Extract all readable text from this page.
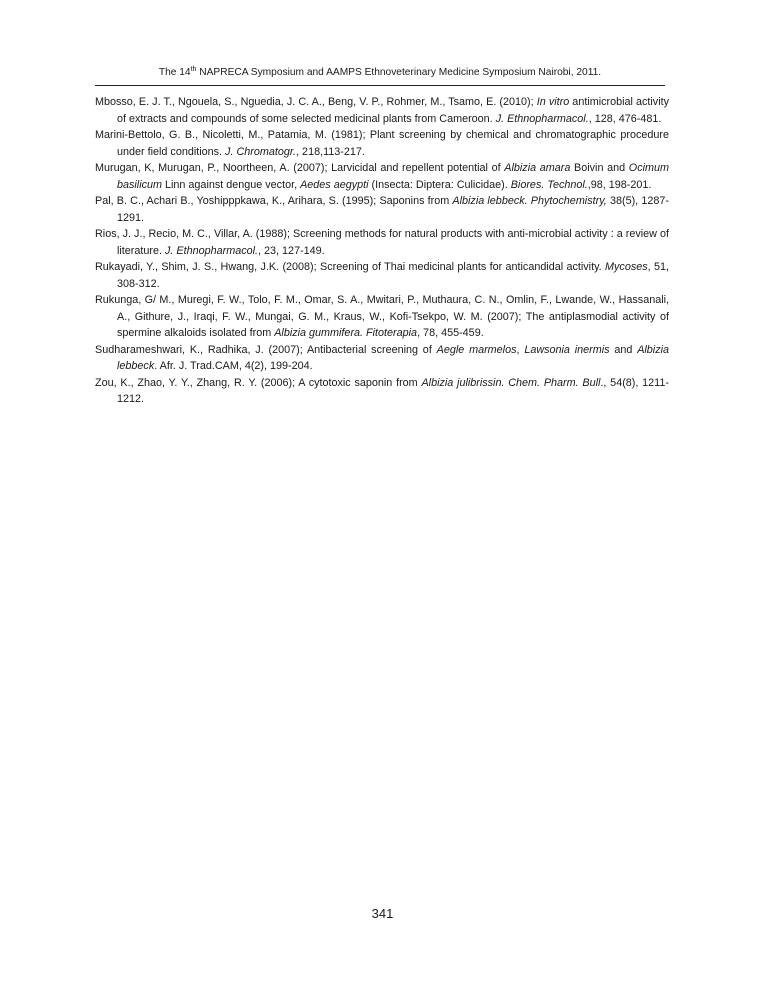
The 14th NAPRECA Symposium and AAMPS Ethnoveterinary Medicine Symposium Nairobi, 2011.

Mbosso, E. J. T., Ngouela, S., Nguedia, J. C. A., Beng, V. P., Rohmer, M., Tsamo, E. (2010); In vitro antimicrobial activity of extracts and compounds of some selected medicinal plants from Cameroon. J. Ethnopharmacol., 128, 476-481.

Marini-Bettolo, G. B., Nicoletti, M., Patamia, M. (1981); Plant screening by chemical and chromatographic procedure under field conditions. J. Chromatogr., 218,113-217.

Murugan, K, Murugan, P., Noortheen, A. (2007); Larvicidal and repellent potential of Albizia amara Boivin and Ocimum basilicum Linn against dengue vector, Aedes aegypti (Insecta: Diptera: Culicidae). Biores. Technol.,98, 198-201.

Pal, B. C., Achari B., Yoshipppkawa, K., Arihara, S. (1995); Saponins from Albizia lebbeck. Phytochemistry, 38(5), 1287-1291.

Rios, J. J., Recio, M. C., Villar, A. (1988); Screening methods for natural products with anti-microbial activity : a review of literature. J. Ethnopharmacol., 23, 127-149.

Rukayadi, Y., Shim, J. S., Hwang, J.K. (2008); Screening of Thai medicinal plants for anticandidal activity. Mycoses, 51, 308-312.

Rukunga, G/ M., Muregi, F. W., Tolo, F. M., Omar, S. A., Mwitari, P., Muthaura, C. N., Omlin, F., Lwande, W., Hassanali, A., Githure, J., Iraqi, F. W., Mungai, G. M., Kraus, W., Kofi-Tsekpo, W. M. (2007); The antiplasmodial activity of spermine alkaloids isolated from Albizia gummifera. Fitoterapia, 78, 455-459.

Sudharameshwari, K., Radhika, J. (2007); Antibacterial screening of Aegle marmelos, Lawsonia inermis and Albizia lebbeck. Afr. J. Trad.CAM, 4(2), 199-204.

Zou, K., Zhao, Y. Y., Zhang, R. Y. (2006); A cytotoxic saponin from Albizia julibrissin. Chem. Pharm. Bull., 54(8), 1211-1212.

341
